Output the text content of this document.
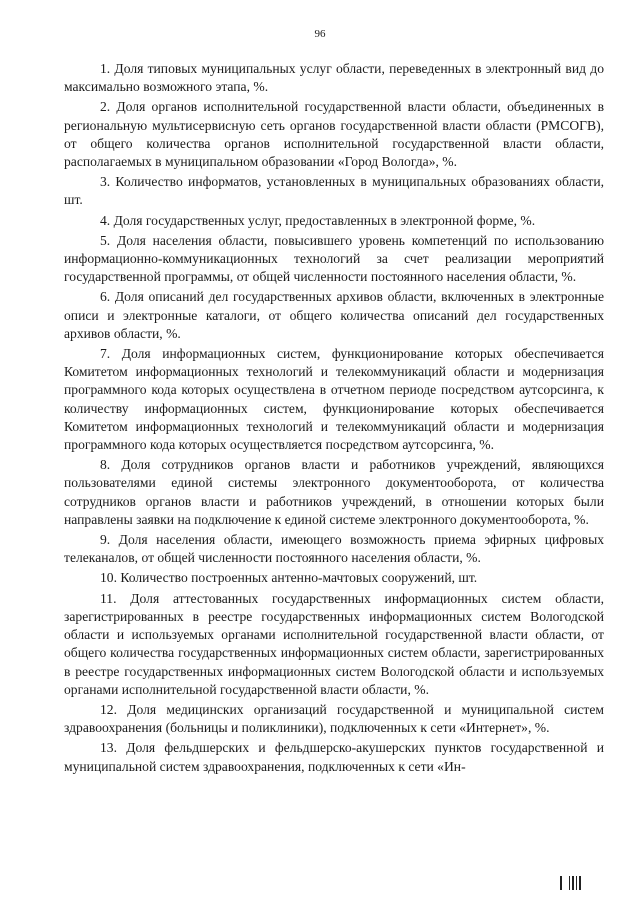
96

1. Доля типовых муниципальных услуг области, переведенных в электронный вид до максимально возможного этапа, %.

2. Доля органов исполнительной государственной власти области, объединенных в региональную мультисервисную сеть органов государственной власти области (РМСОГВ), от общего количества органов исполнительной государственной власти области, располагаемых в муниципальном образовании «Город Вологда», %.

3. Количество информатов, установленных в муниципальных образованиях области, шт.

4. Доля государственных услуг, предоставленных в электронной форме, %.

5. Доля населения области, повысившего уровень компетенций по использованию информационно-коммуникационных технологий за счет реализации мероприятий государственной программы, от общей численности постоянного населения области, %.

6. Доля описаний дел государственных архивов области, включенных в электронные описи и электронные каталоги, от общего количества описаний дел государственных архивов области, %.

7. Доля информационных систем, функционирование которых обеспечивается Комитетом информационных технологий и телекоммуникаций области и модернизация программного кода которых осуществлена в отчетном периоде посредством аутсорсинга, к количеству информационных систем, функционирование которых обеспечивается Комитетом информационных технологий и телекоммуникаций области и модернизация программного кода которых осуществляется посредством аутсорсинга, %.

8. Доля сотрудников органов власти и работников учреждений, являющихся пользователями единой системы электронного документооборота, от количества сотрудников органов власти и работников учреждений, в отношении которых были направлены заявки на подключение к единой системе электронного документооборота, %.

9. Доля населения области, имеющего возможность приема эфирных цифровых телеканалов, от общей численности постоянного населения области, %.

10. Количество построенных антенно-мачтовых сооружений, шт.

11. Доля аттестованных государственных информационных систем области, зарегистрированных в реестре государственных информационных систем Вологодской области и используемых органами исполнительной государственной власти области, от общего количества государственных информационных систем области, зарегистрированных в реестре государственных информационных систем Вологодской области и используемых органами исполнительной государственной власти области, %.

12. Доля медицинских организаций государственной и муниципальной систем здравоохранения (больницы и поликлиники), подключенных к сети «Интернет», %.

13. Доля фельдшерских и фельдшерско-акушерских пунктов государственной и муниципальной систем здравоохранения, подключенных к сети «Ин-
